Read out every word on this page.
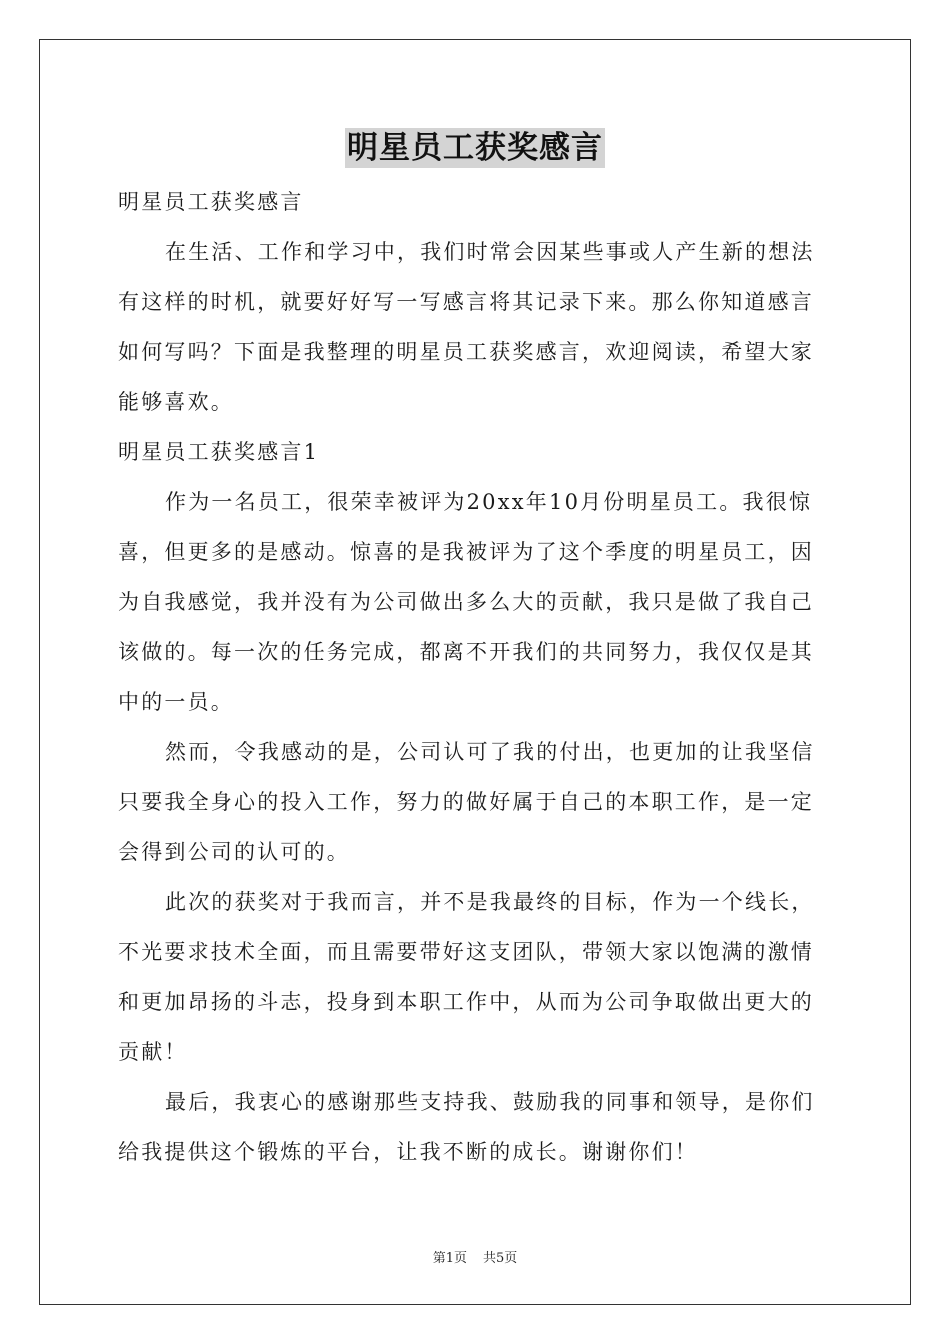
明星员工获奖感言

明星员工获奖感言

在生活、工作和学习中，我们时常会因某些事或人产生新的想法有这样的时机，就要好好写一写感言将其记录下来。那么你知道感言如何写吗？下面是我整理的明星员工获奖感言，欢迎阅读，希望大家能够喜欢。

明星员工获奖感言1

作为一名员工，很荣幸被评为20xx年10月份明星员工。我很惊喜，但更多的是感动。惊喜的是我被评为了这个季度的明星员工，因为自我感觉，我并没有为公司做出多么大的贡献，我只是做了我自己该做的。每一次的任务完成，都离不开我们的共同努力，我仅仅是其中的一员。

然而，令我感动的是，公司认可了我的付出，也更加的让我坚信只要我全身心的投入工作，努力的做好属于自己的本职工作，是一定会得到公司的认可的。

此次的获奖对于我而言，并不是我最终的目标，作为一个线长，不光要求技术全面，而且需要带好这支团队，带领大家以饱满的激情和更加昂扬的斗志，投身到本职工作中，从而为公司争取做出更大的贡献！

最后，我衷心的感谢那些支持我、鼓励我的同事和领导，是你们给我提供这个锻炼的平台，让我不断的成长。谢谢你们！

第1页 共5页
